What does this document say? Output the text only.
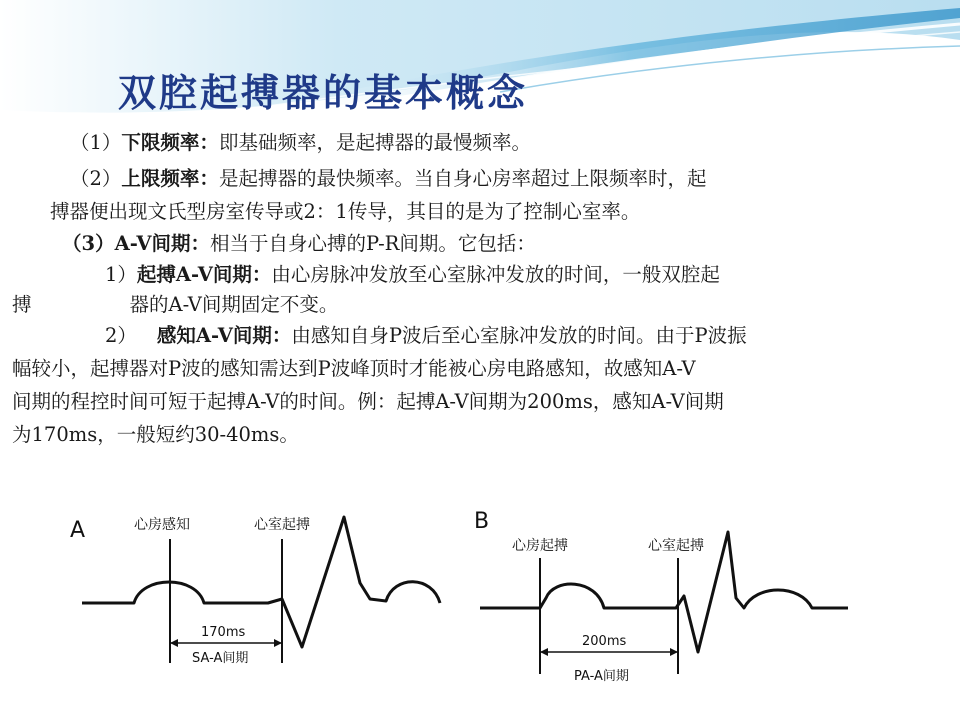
双腔起搏器的基本概念
（1）下限频率：即基础频率，是起搏器的最慢频率。
（2）上限频率：是起搏器的最快频率。当自身心房率超过上限频率时，起
搏器便出现文氏型房室传导或2：1传导，其目的是为了控制心室率。
（3）A-V间期：相当于自身心搏的P-R间期。它包括：
1）起搏A-V间期：由心房脉冲发放至心室脉冲发放的时间，一般双腔起
搏	器的A-V间期固定不变。
2） 感知A-V间期：由感知自身P波后至心室脉冲发放的时间。由于P波振
幅较小，起搏器对P波的感知需达到P波峰顶时才能被心房电路感知，故感知A-V
间期的程控时间可短于起搏A-V的时间。例：起搏A-V间期为200ms，感知A-V间期
为170ms，一般短约30-40ms。
A	心房感知	心室起搏
170ms
SA-A间期
B
心房起搏	心室起搏
200ms
PA-A间期
